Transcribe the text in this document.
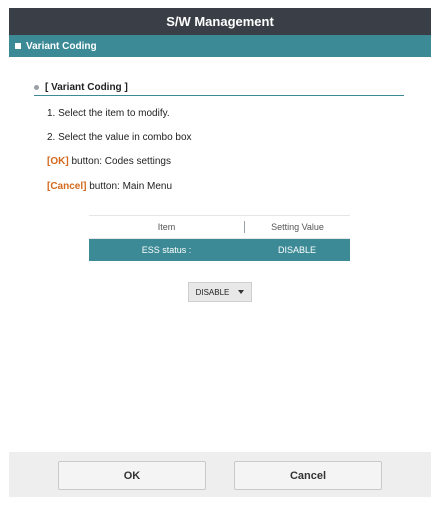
S/W Management
Variant Coding
[ Variant Coding ]
1. Select the item to modify.
2. Select the value in combo box
[OK] button: Codes settings
[Cancel] button: Main Menu
Item	Setting Value
ESS status :	DISABLE
DISABLE
OK	Cancel
